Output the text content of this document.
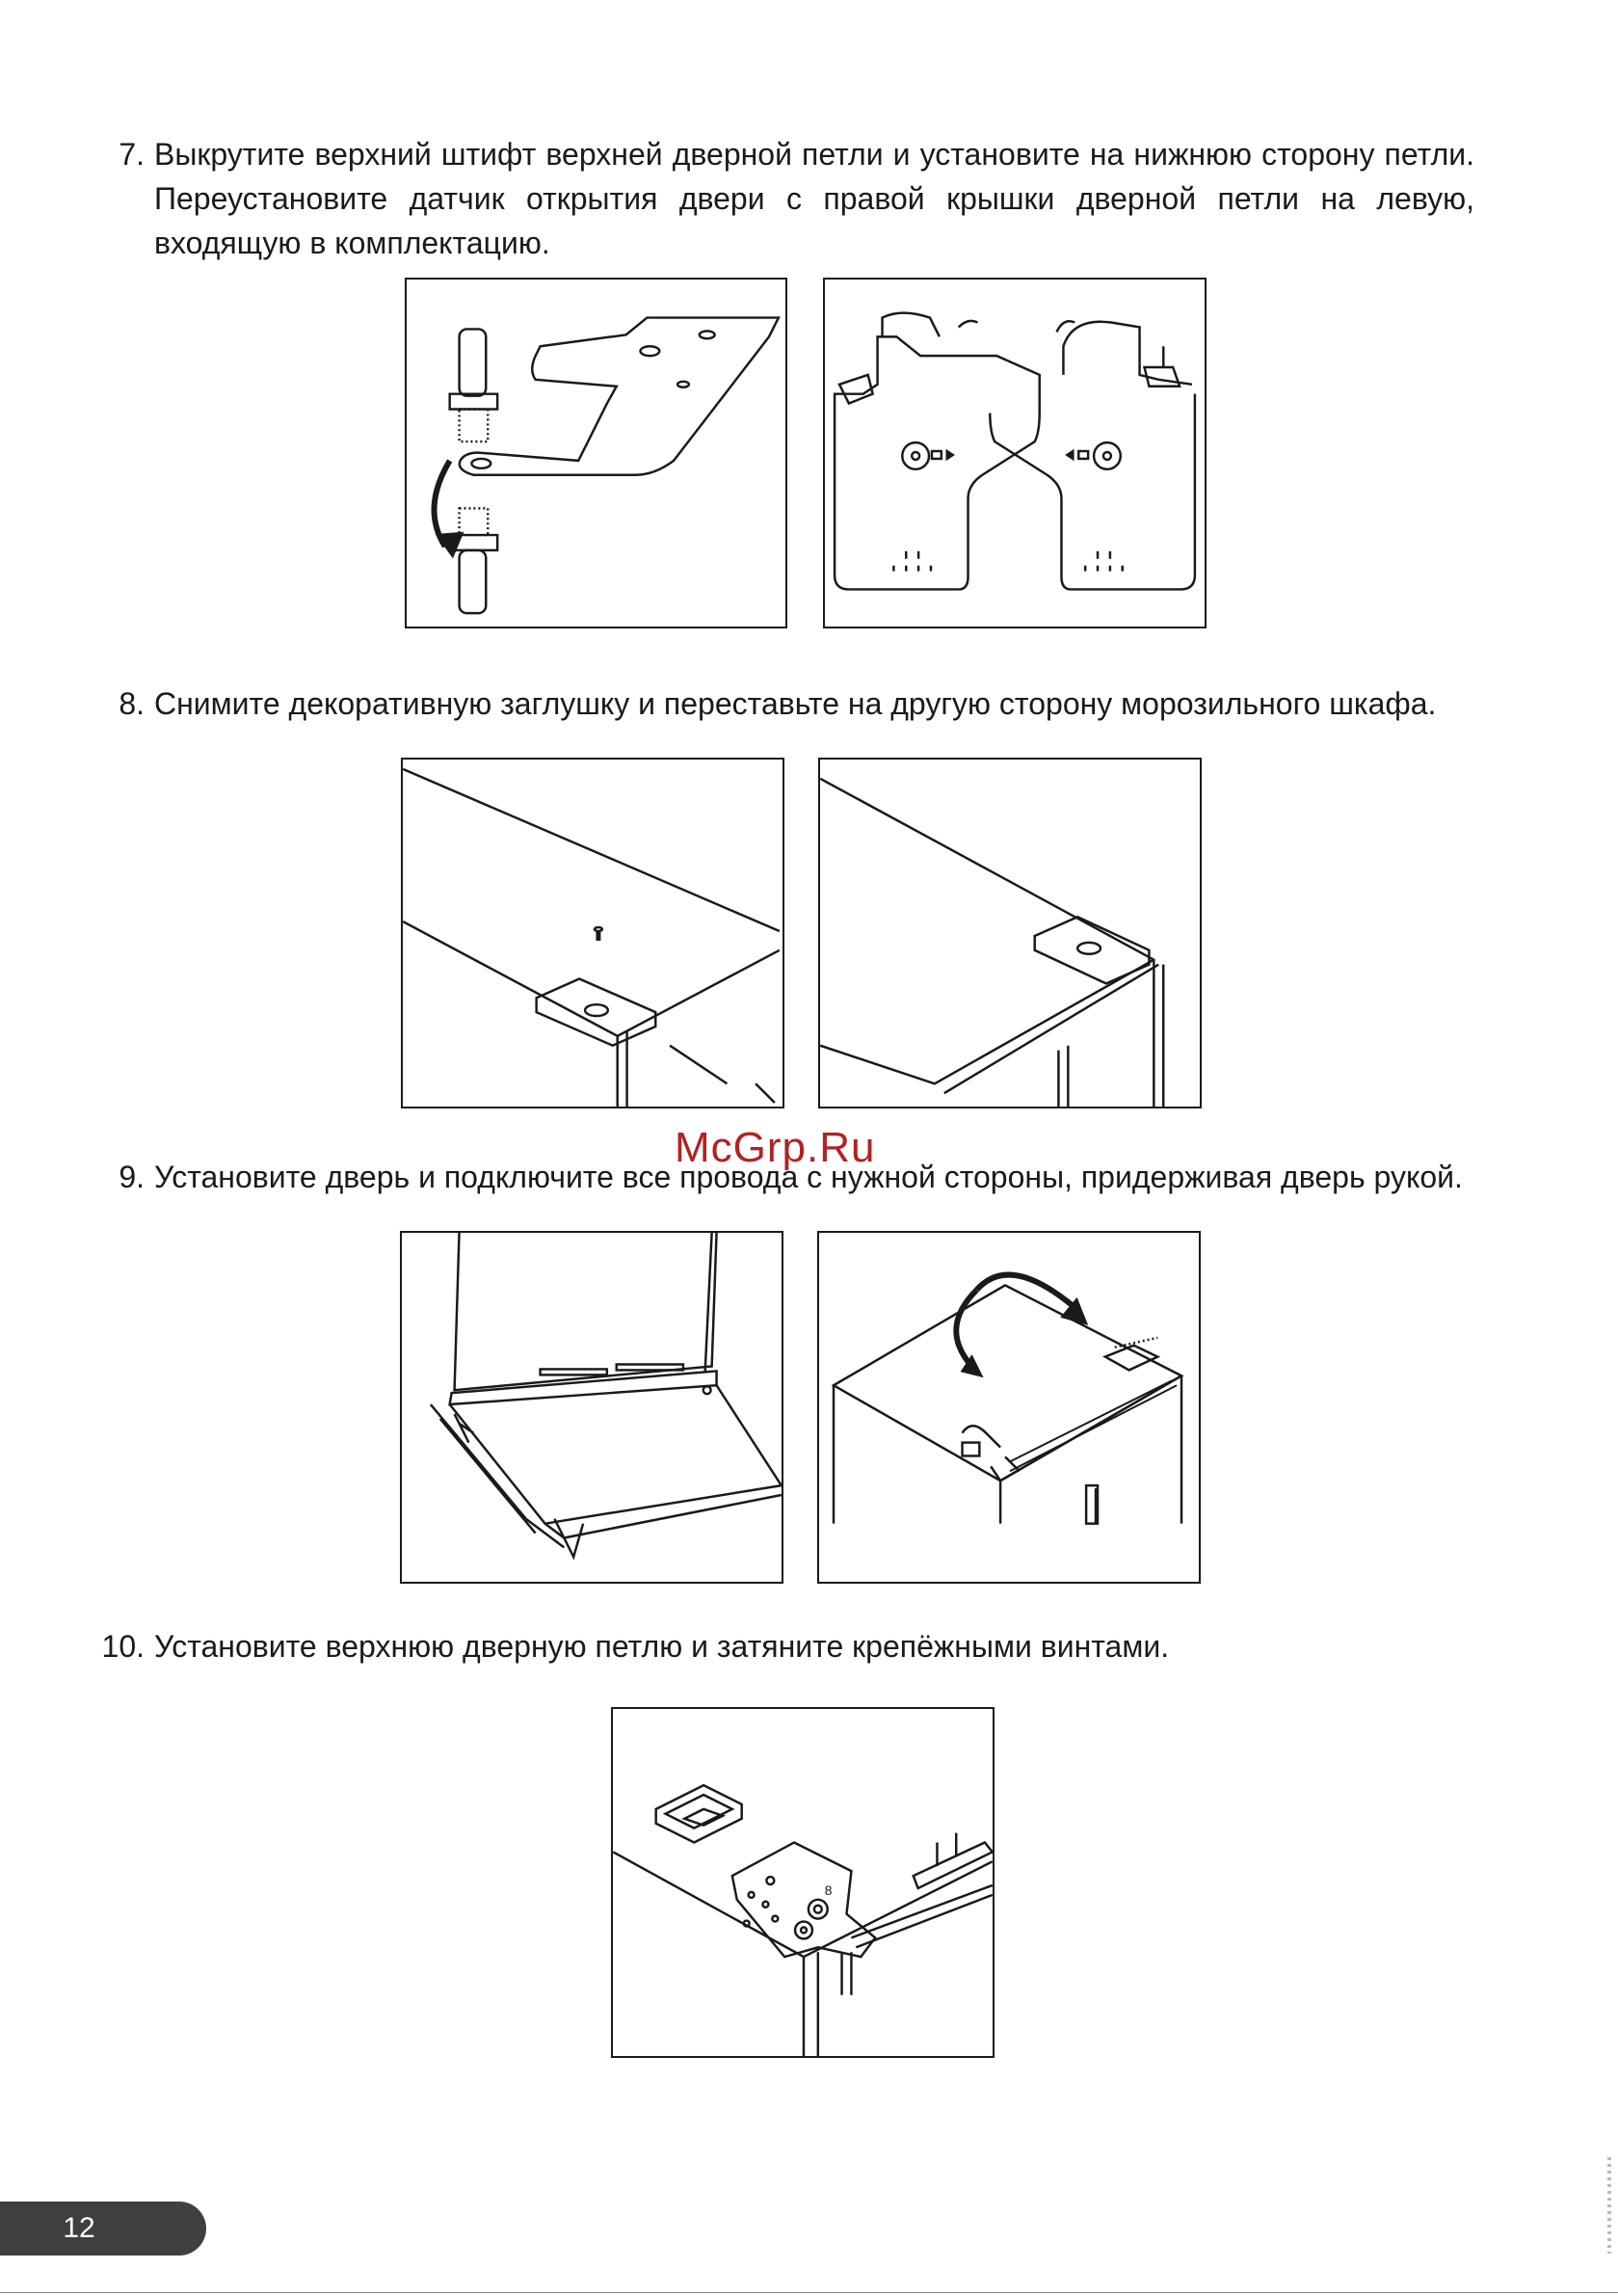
7. Выкрутите верхний штифт верхней дверной петли и установите на нижнюю сторону петли. Переустановите датчик открытия двери с правой крышки дверной петли на левую, входящую в комплектацию.
8. Снимите декоративную заглушку и переставьте на другую сторону морозильного шкафа.
McGrp.Ru
9. Установите дверь и подключите все провода с нужной стороны, придерживая дверь рукой.
10. Установите верхнюю дверную петлю и затяните крепёжными винтами.
8
12
